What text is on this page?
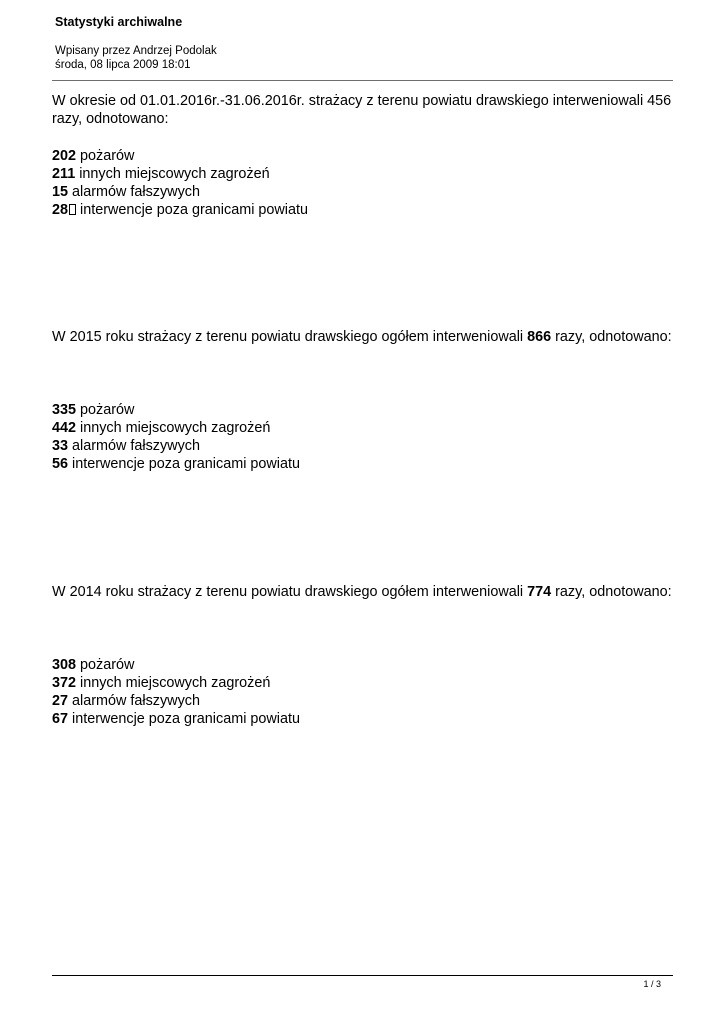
Statystyki archiwalne
Wpisany przez Andrzej Podolak
środa, 08 lipca 2009 18:01

W okresie od 01.01.2016r.-31.06.2016r. strażacy z terenu powiatu drawskiego interweniowali 456 razy, odnotowano:

202 pożarów
211 innych miejscowych zagrożeń
15 alarmów fałszywych
28 interwencje poza granicami powiatu

W 2015 roku strażacy z terenu powiatu drawskiego ogółem interweniowali 866 razy, odnotowano:

335 pożarów
442 innych miejscowych zagrożeń
33 alarmów fałszywych
56 interwencje poza granicami powiatu

W 2014 roku strażacy z terenu powiatu drawskiego ogółem interweniowali 774 razy, odnotowano:

308 pożarów
372 innych miejscowych zagrożeń
27 alarmów fałszywych
67 interwencje poza granicami powiatu
1 / 3
